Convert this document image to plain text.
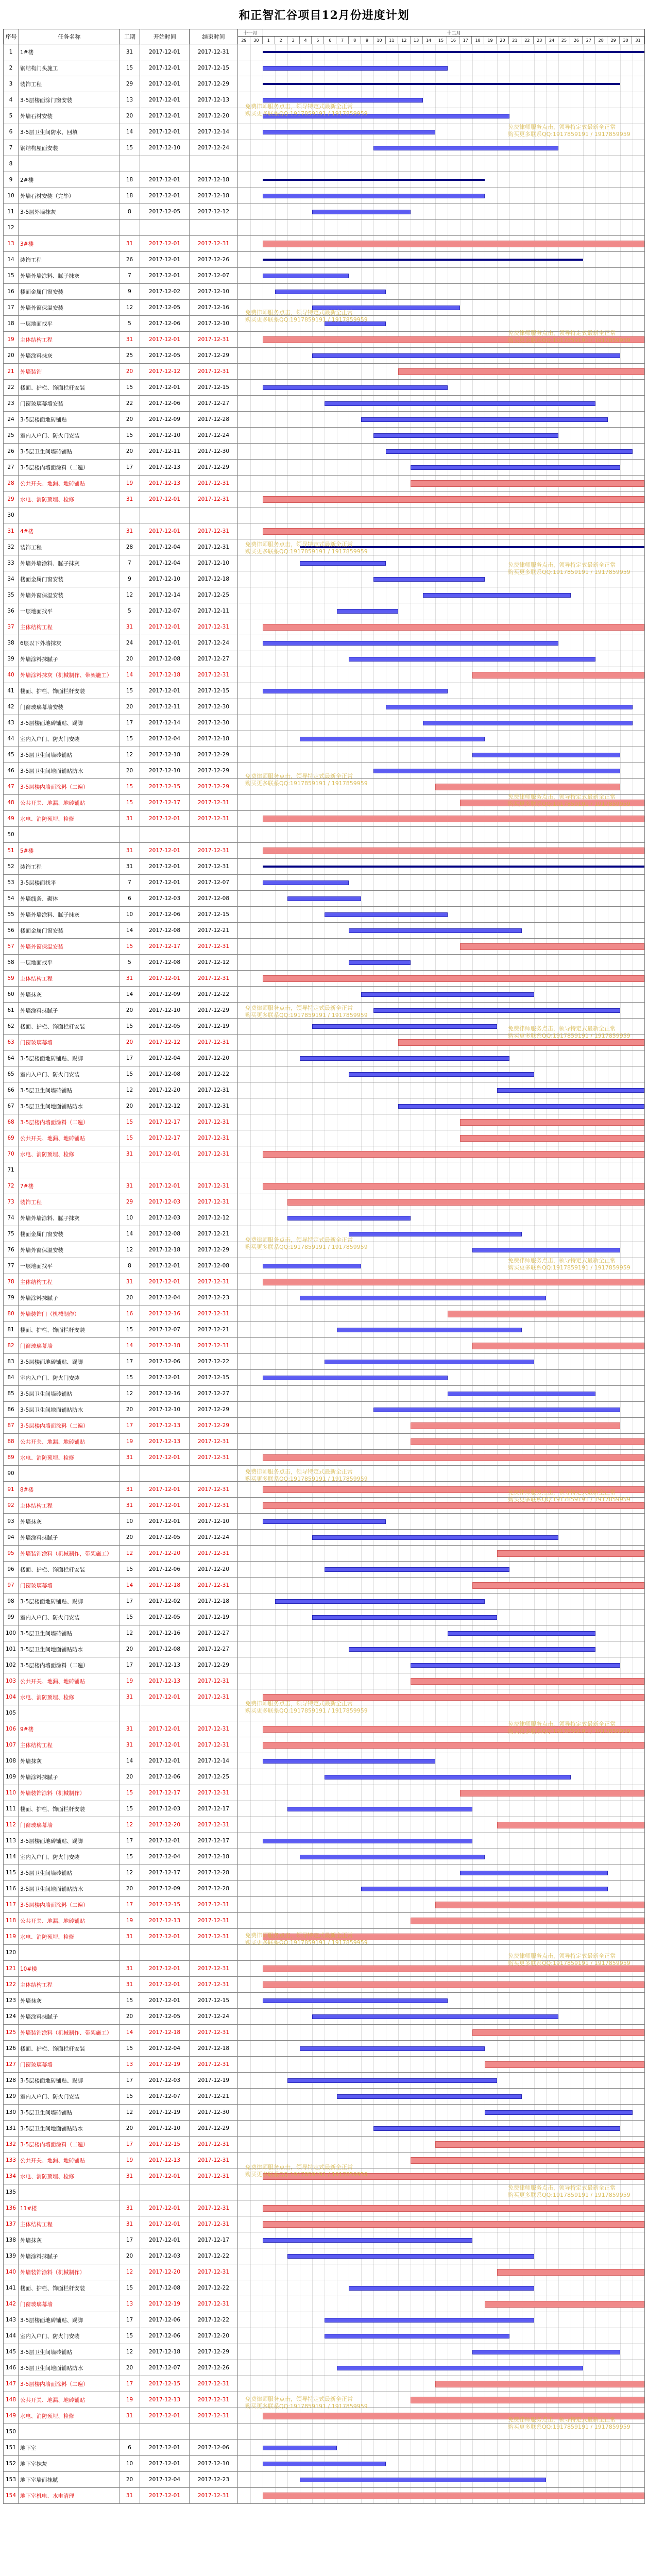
和正智汇谷项目12月份进度计划
序号	任务名称	工期	开始时间	结束时间	十一月	十二月
29	30	1	2	3	4	5	6	7	8	9	10	11	12	13	14	15	16	17	18	19	20	21	22	23	24	25	26	27	28	29	30	31
1	1#楼	31	2017-12-01	2017-12-31
2	钢结构门头施工	15	2017-12-01	2017-12-15
3	装饰工程	29	2017-12-01	2017-12-29
4	3-5层楼面涂门窗安装	13	2017-12-01	2017-12-13
5	外墙石材安装	20	2017-12-01	2017-12-20
6	3-5层卫生间防水、回填	14	2017-12-01	2017-12-14
7	钢结构屋面安装	15	2017-12-10	2017-12-24
8
9	2#楼	18	2017-12-01	2017-12-18
10	外墙石材安装（完毕）	18	2017-12-01	2017-12-18
11	3-5层外墙抹灰	8	2017-12-05	2017-12-12
12
13	3#楼	31	2017-12-01	2017-12-31
14	装饰工程	26	2017-12-01	2017-12-26
15	外墙外墙涂料、腻子抹灰	7	2017-12-01	2017-12-07
16	楼面金属门窗安装	9	2017-12-02	2017-12-10
17	外墙外窗保温安装	12	2017-12-05	2017-12-16
18	一层地面找平	5	2017-12-06	2017-12-10
19	主体结构工程	31	2017-12-01	2017-12-31
20	外墙涂料抹灰	25	2017-12-05	2017-12-29
21	外墙装饰	20	2017-12-12	2017-12-31
22	楼面、护栏、饰面栏杆安装	15	2017-12-01	2017-12-15
23	门窗玻璃幕墙安装	22	2017-12-06	2017-12-27
24	3-5层楼面地砖铺贴	20	2017-12-09	2017-12-28
25	室内入户门、防火门安装	15	2017-12-10	2017-12-24
26	3-5层卫生间墙砖铺贴	20	2017-12-11	2017-12-30
27	3-5层楼内墙面涂料（二遍）	17	2017-12-13	2017-12-29
28	公共开关、地漏、地砖铺贴	19	2017-12-13	2017-12-31
29	水电、消防预埋、检修	31	2017-12-01	2017-12-31
30
31	4#楼	31	2017-12-01	2017-12-31
32	装饰工程	28	2017-12-04	2017-12-31
33	外墙外墙涂料、腻子抹灰	7	2017-12-04	2017-12-10
34	楼面金属门窗安装	9	2017-12-10	2017-12-18
35	外墙外窗保温安装	12	2017-12-14	2017-12-25
36	一层地面找平	5	2017-12-07	2017-12-11
37	主体结构工程	31	2017-12-01	2017-12-31
38	6层以下外墙抹灰	24	2017-12-01	2017-12-24
39	外墙涂料抹腻子	20	2017-12-08	2017-12-27
40	外墙涂料抹灰（机械制作、带架施工）	14	2017-12-18	2017-12-31
41	楼面、护栏、饰面栏杆安装	15	2017-12-01	2017-12-15
42	门窗玻璃幕墙安装	20	2017-12-11	2017-12-30
43	3-5层楼面地砖铺贴、踢脚	17	2017-12-14	2017-12-30
44	室内入户门、防火门安装	15	2017-12-04	2017-12-18
45	3-5层卫生间墙砖铺贴	12	2017-12-18	2017-12-29
46	3-5层卫生间地面铺贴防水	20	2017-12-10	2017-12-29
47	3-5层楼内墙面涂料（二遍）	15	2017-12-15	2017-12-29
48	公共开关、地漏、地砖铺贴	15	2017-12-17	2017-12-31
49	水电、消防预埋、检修	31	2017-12-01	2017-12-31
50
51	5#楼	31	2017-12-01	2017-12-31
52	装饰工程	31	2017-12-01	2017-12-31
53	3-5层楼面找平	7	2017-12-01	2017-12-07
54	外墙线条、砌体	6	2017-12-03	2017-12-08
55	外墙外墙涂料、腻子抹灰	10	2017-12-06	2017-12-15
56	楼面金属门窗安装	14	2017-12-08	2017-12-21
57	外墙外窗保温安装	15	2017-12-17	2017-12-31
58	一层地面找平	5	2017-12-08	2017-12-12
59	主体结构工程	31	2017-12-01	2017-12-31
60	外墙抹灰	14	2017-12-09	2017-12-22
61	外墙涂料抹腻子	20	2017-12-10	2017-12-29
62	楼面、护栏、饰面栏杆安装	15	2017-12-05	2017-12-19
63	门窗玻璃幕墙	20	2017-12-12	2017-12-31
64	3-5层楼面地砖铺贴、踢脚	17	2017-12-04	2017-12-20
65	室内入户门、防火门安装	15	2017-12-08	2017-12-22
66	3-5层卫生间墙砖铺贴	12	2017-12-20	2017-12-31
67	3-5层卫生间地面铺贴防水	20	2017-12-12	2017-12-31
68	3-5层楼内墙面涂料（二遍）	15	2017-12-17	2017-12-31
69	公共开关、地漏、地砖铺贴	15	2017-12-17	2017-12-31
70	水电、消防预埋、检修	31	2017-12-01	2017-12-31
71
72	7#楼	31	2017-12-01	2017-12-31
73	装饰工程	29	2017-12-03	2017-12-31
74	外墙外墙涂料、腻子抹灰	10	2017-12-03	2017-12-12
75	楼面金属门窗安装	14	2017-12-08	2017-12-21
76	外墙外窗保温安装	12	2017-12-18	2017-12-29
77	一层地面找平	8	2017-12-01	2017-12-08
78	主体结构工程	31	2017-12-01	2017-12-31
79	外墙涂料抹腻子	20	2017-12-04	2017-12-23
80	外墙装饰门（机械制作）	16	2017-12-16	2017-12-31
81	楼面、护栏、饰面栏杆安装	15	2017-12-07	2017-12-21
82	门窗玻璃幕墙	14	2017-12-18	2017-12-31
83	3-5层楼面地砖铺贴、踢脚	17	2017-12-06	2017-12-22
84	室内入户门、防火门安装	15	2017-12-01	2017-12-15
85	3-5层卫生间墙砖铺贴	12	2017-12-16	2017-12-27
86	3-5层卫生间地面铺贴防水	20	2017-12-10	2017-12-29
87	3-5层楼内墙面涂料（二遍）	17	2017-12-13	2017-12-29
88	公共开关、地漏、地砖铺贴	19	2017-12-13	2017-12-31
89	水电、消防预埋、检修	31	2017-12-01	2017-12-31
90
91	8#楼	31	2017-12-01	2017-12-31
92	主体结构工程	31	2017-12-01	2017-12-31
93	外墙抹灰	10	2017-12-01	2017-12-10
94	外墙涂料抹腻子	20	2017-12-05	2017-12-24
95	外墙装饰涂料（机械制作，带架施工）	12	2017-12-20	2017-12-31
96	楼面、护栏、饰面栏杆安装	15	2017-12-06	2017-12-20
97	门窗玻璃幕墙	14	2017-12-18	2017-12-31
98	3-5层楼面地砖铺贴、踢脚	17	2017-12-02	2017-12-18
99	室内入户门、防火门安装	15	2017-12-05	2017-12-19
100 3-5层卫生间墙砖铺贴	12	2017-12-16	2017-12-27
101 3-5层卫生间地面铺贴防水	20	2017-12-08	2017-12-27
102 3-5层楼内墙面涂料（二遍）	17	2017-12-13	2017-12-29
103 公共开关、地漏、地砖铺贴	19	2017-12-13	2017-12-31
104 水电、消防预埋、检修	31	2017-12-01	2017-12-31
105
106 9#楼	31	2017-12-01	2017-12-31
107 主体结构工程	31	2017-12-01	2017-12-31
108 外墙抹灰	14	2017-12-01	2017-12-14
109 外墙涂料抹腻子	20	2017-12-06	2017-12-25
110 外墙装饰涂料（机械制作）	15	2017-12-17	2017-12-31
111 楼面、护栏、饰面栏杆安装	15	2017-12-03	2017-12-17
112 门窗玻璃幕墙	12	2017-12-20	2017-12-31
113 3-5层楼面地砖铺贴、踢脚	17	2017-12-01	2017-12-17
114 室内入户门、防火门安装	15	2017-12-04	2017-12-18
115 3-5层卫生间墙砖铺贴	12	2017-12-17	2017-12-28
116 3-5层卫生间地面铺贴防水	20	2017-12-09	2017-12-28
117 3-5层楼内墙面涂料（二遍）	17	2017-12-15	2017-12-31
118 公共开关、地漏、地砖铺贴	19	2017-12-13	2017-12-31
119 水电、消防预埋、检修	31	2017-12-01	2017-12-31
120
121 10#楼	31	2017-12-01	2017-12-31
122 主体结构工程	31	2017-12-01	2017-12-31
123 外墙抹灰	15	2017-12-01	2017-12-15
124 外墙涂料抹腻子	20	2017-12-05	2017-12-24
125 外墙装饰涂料（机械制作、带架施工）	14	2017-12-18	2017-12-31
126 楼面、护栏、饰面栏杆安装	15	2017-12-04	2017-12-18
127 门窗玻璃幕墙	13	2017-12-19	2017-12-31
128 3-5层楼面地砖铺贴、踢脚	17	2017-12-03	2017-12-19
129 室内入户门、防火门安装	15	2017-12-07	2017-12-21
130 3-5层卫生间墙砖铺贴	12	2017-12-19	2017-12-30
131 3-5层卫生间地面铺贴防水	20	2017-12-10	2017-12-29
132 3-5层楼内墙面涂料（二遍）	17	2017-12-15	2017-12-31
133 公共开关、地漏、地砖铺贴	19	2017-12-13	2017-12-31
134 水电、消防预埋、检修	31	2017-12-01	2017-12-31
135
136 11#楼	31	2017-12-01	2017-12-31
137 主体结构工程	31	2017-12-01	2017-12-31
138 外墙抹灰	17	2017-12-01	2017-12-17
139 外墙涂料抹腻子	20	2017-12-03	2017-12-22
140 外墙装饰涂料（机械制作）	12	2017-12-20	2017-12-31
141 楼面、护栏、饰面栏杆安装	15	2017-12-08	2017-12-22
142 门窗玻璃幕墙	13	2017-12-19	2017-12-31
143 3-5层楼面地砖铺贴、踢脚	17	2017-12-06	2017-12-22
144 室内入户门、防火门安装	15	2017-12-06	2017-12-20
145 3-5层卫生间墙砖铺贴	12	2017-12-18	2017-12-29
146 3-5层卫生间地面铺贴防水	20	2017-12-07	2017-12-26
147 3-5层楼内墙面涂料（二遍）	17	2017-12-15	2017-12-31
148 公共开关、地漏、地砖铺贴	19	2017-12-13	2017-12-31
149 水电、消防预埋、检修	31	2017-12-01	2017-12-31
150
151 地下室	6	2017-12-01	2017-12-06
152 地下室抹灰	10	2017-12-01	2017-12-10
153 地下室墙面抹腻	20	2017-12-04	2017-12-23
154 地下室机电、水电清理	31	2017-12-01	2017-12-31
免费律师服务点击，领导特定式最新全正常
购买更多联系QQ:1917859191 / 1917859959
免费律师服务点击，领导特定式最新全正常
购买更多联系QQ:1917859191 / 1917859959
免费律师服务点击，领导特定式最新全正常
购买更多联系QQ:1917859191 / 1917859959
免费律师服务点击，领导特定式最新全正常
购买更多联系QQ:1917859191 / 1917859959
免费律师服务点击，领导特定式最新全正常
购买更多联系QQ:1917859191 / 1917859959
免费律师服务点击，领导特定式最新全正常
购买更多联系QQ:1917859191 / 1917859959
免费律师服务点击，领导特定式最新全正常
购买更多联系QQ:1917859191 / 1917859959
免费律师服务点击，领导特定式最新全正常
购买更多联系QQ:1917859191 / 1917859959
免费律师服务点击，领导特定式最新全正常
购买更多联系QQ:1917859191 / 1917859959
免费律师服务点击，领导特定式最新全正常
购买更多联系QQ:1917859191 / 1917859959
免费律师服务点击，领导特定式最新全正常
购买更多联系QQ:1917859191 / 1917859959
免费律师服务点击，领导特定式最新全正常
购买更多联系QQ:1917859191 / 1917859959
免费律师服务点击，领导特定式最新全正常
购买更多联系QQ:1917859191 / 1917859959
免费律师服务点击，领导特定式最新全正常
购买更多联系QQ:1917859191 / 1917859959
免费律师服务点击，领导特定式最新全正常
购买更多联系QQ:1917859191 / 1917859959
免费律师服务点击，领导特定式最新全正常
购买更多联系QQ:1917859191 / 1917859959
免费律师服务点击，领导特定式最新全正常
购买更多联系QQ:1917859191 / 1917859959
免费律师服务点击，领导特定式最新全正常
购买更多联系QQ:1917859191 / 1917859959
免费律师服务点击，领导特定式最新全正常
购买更多联系QQ:1917859191 / 1917859959
免费律师服务点击，领导特定式最新全正常
购买更多联系QQ:1917859191 / 1917859959
免费律师服务点击，领导特定式最新全正常
购买更多联系QQ:1917859191 / 1917859959
免费律师服务点击，领导特定式最新全正常
购买更多联系QQ:1917859191 / 1917859959
